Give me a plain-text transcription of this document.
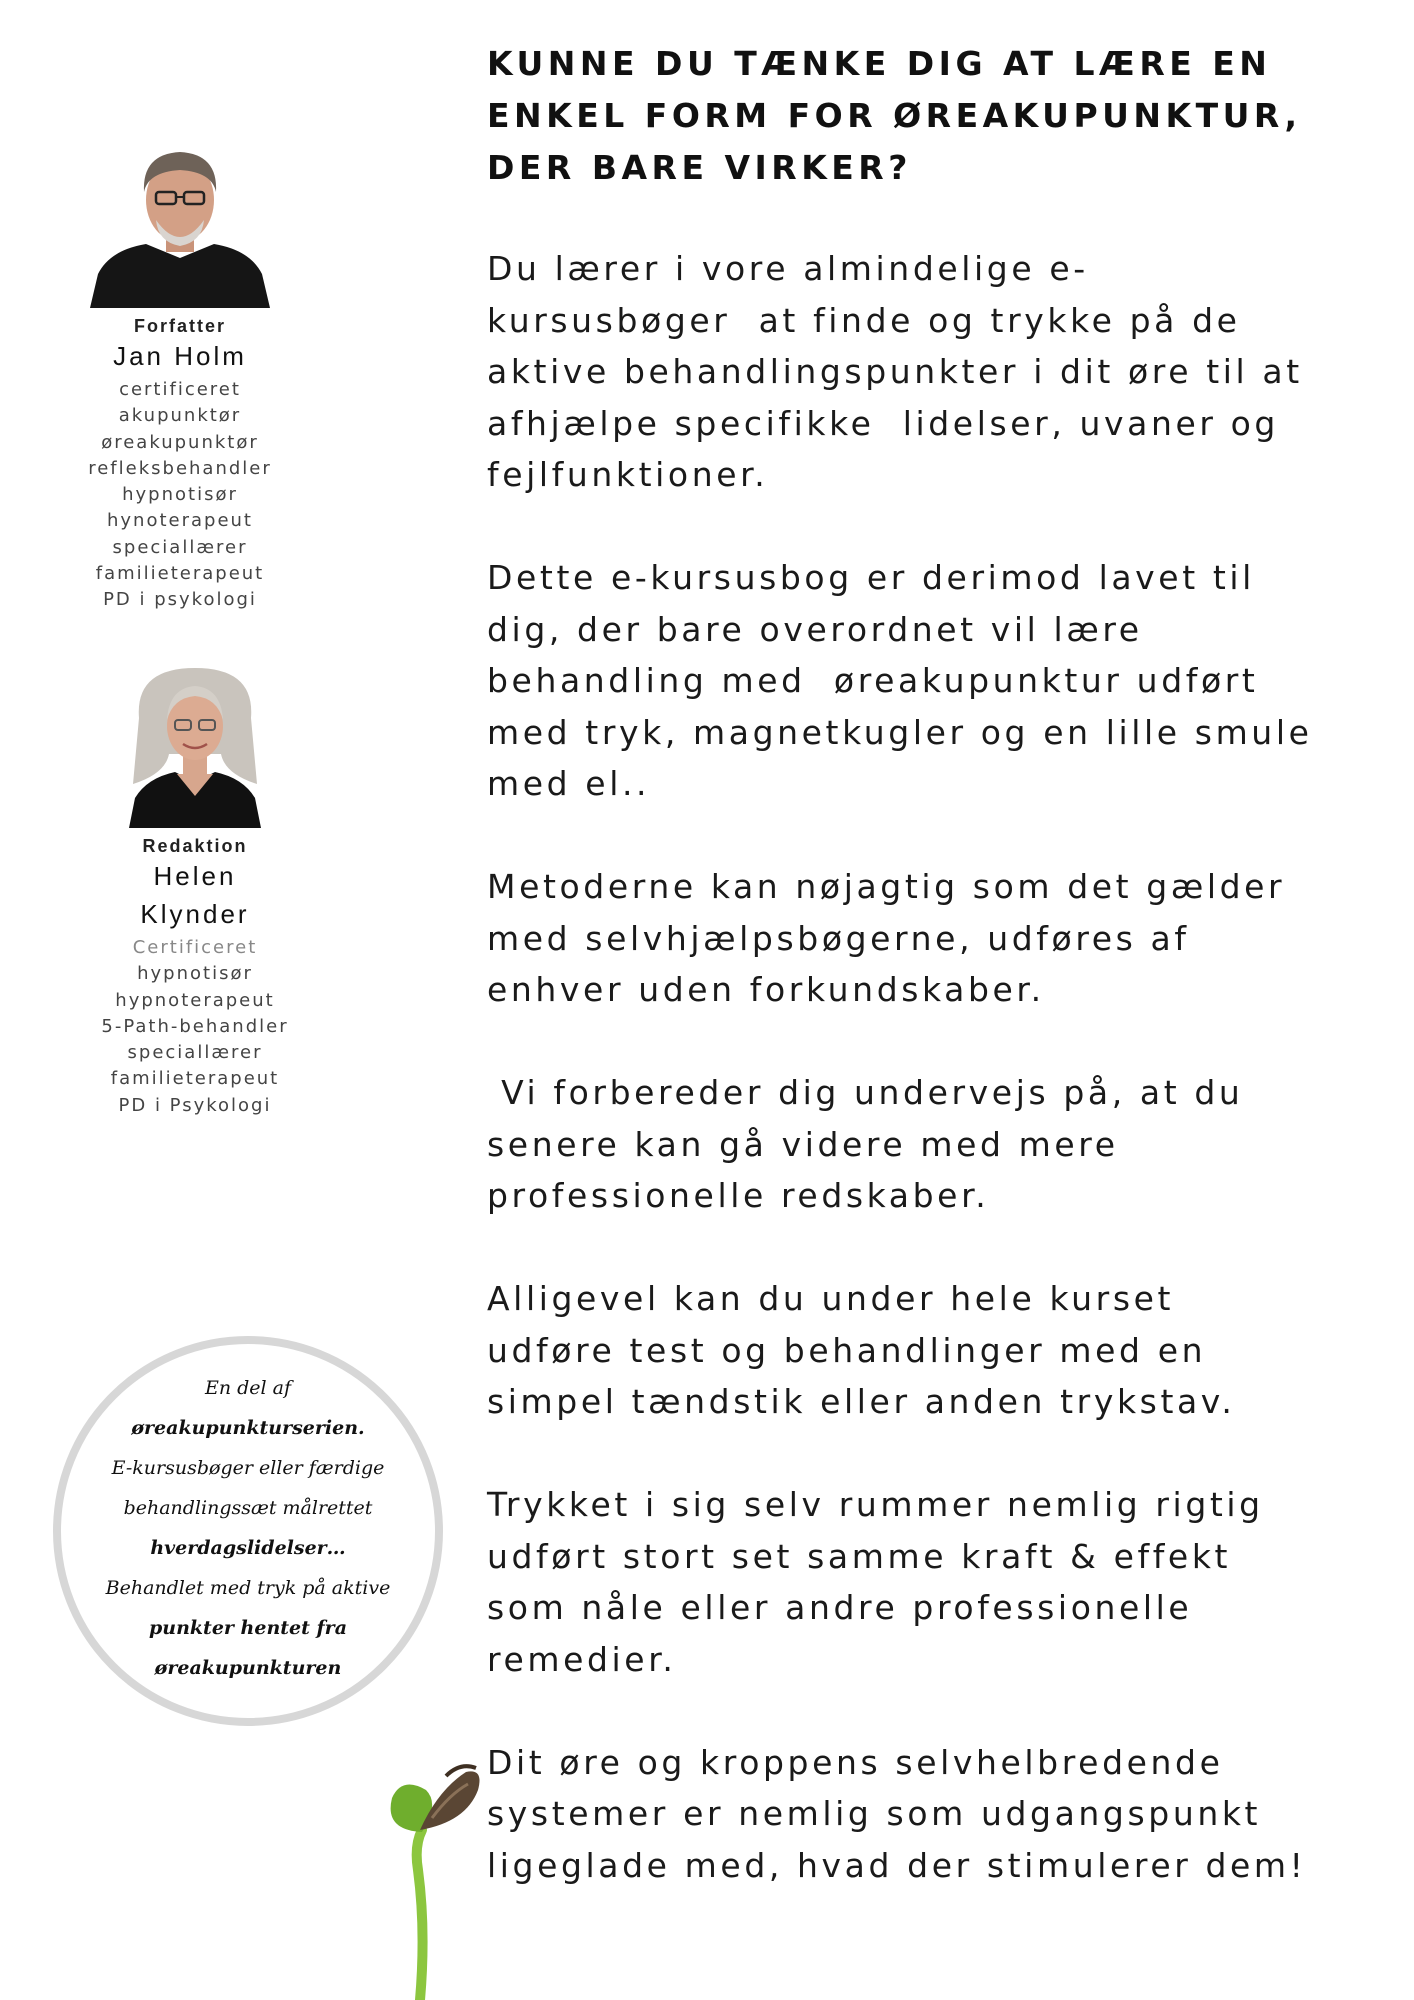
KUNNE DU TÆNKE DIG AT LÆRE EN
ENKEL FORM FOR ØREAKUPUNKTUR,
DER BARE VIRKER?

Du lærer i vore almindelige e-
kursusbøger  at finde og trykke på de
aktive behandlingspunkter i dit øre til at
afhjælpe specifikke  lidelser, uvaner og
fejlfunktioner.

Dette e-kursusbog er derimod lavet til
dig, der bare overordnet vil lære
behandling med  øreakupunktur udført
med tryk, magnetkugler og en lille smule
med el..

Metoderne kan nøjagtig som det gælder
med selvhjælpsbøgerne, udføres af
enhver uden forkundskaber.

Vi forbereder dig undervejs på, at du
senere kan gå videre med mere
professionelle redskaber.

Alligevel kan du under hele kurset
udføre test og behandlinger med en
simpel tændstik eller anden trykstav.

Trykket i sig selv rummer nemlig rigtig
udført stort set samme kraft & effekt
som nåle eller andre professionelle
remedier.

Dit øre og kroppens selvhelbredende
systemer er nemlig som udgangspunkt
ligeglade med, hvad der stimulerer dem!

Forfatter
Jan Holm
certificeret
akupunktør
øreakupunktør
refleksbehandler
hypnotisør
hynoterapeut
speciallærer
familieterapeut
PD i psykologi
Redaktion
Helen
Klynder
Certificeret
hypnotisør
hypnoterapeut
5-Path-behandler
speciallærer
familieterapeut
PD i Psykologi
En del af
øreakupunkturserien.
E-kursusbøger eller færdige
behandlingssæt målrettet
hverdagslidelser…
Behandlet med tryk på aktive
punkter hentet fra
øreakupunkturen
